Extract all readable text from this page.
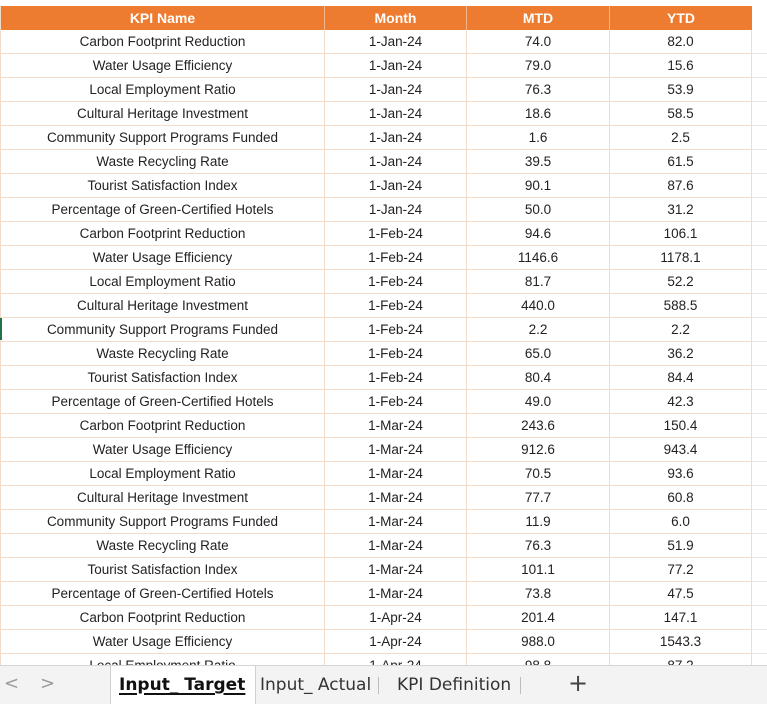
KPI Name	Month	MTD	YTD
Carbon Footprint Reduction	1-Jan-24	74.0	82.0
Water Usage Efficiency	1-Jan-24	79.0	15.6
Local Employment Ratio	1-Jan-24	76.3	53.9
Cultural Heritage Investment	1-Jan-24	18.6	58.5
Community Support Programs Funded	1-Jan-24	1.6	2.5
Waste Recycling Rate	1-Jan-24	39.5	61.5
Tourist Satisfaction Index	1-Jan-24	90.1	87.6
Percentage of Green-Certified Hotels	1-Jan-24	50.0	31.2
Carbon Footprint Reduction	1-Feb-24	94.6	106.1
Water Usage Efficiency	1-Feb-24	1146.6	1178.1
Local Employment Ratio	1-Feb-24	81.7	52.2
Cultural Heritage Investment	1-Feb-24	440.0	588.5
Community Support Programs Funded	1-Feb-24	2.2	2.2
Waste Recycling Rate	1-Feb-24	65.0	36.2
Tourist Satisfaction Index	1-Feb-24	80.4	84.4
Percentage of Green-Certified Hotels	1-Feb-24	49.0	42.3
Carbon Footprint Reduction	1-Mar-24	243.6	150.4
Water Usage Efficiency	1-Mar-24	912.6	943.4
Local Employment Ratio	1-Mar-24	70.5	93.6
Cultural Heritage Investment	1-Mar-24	77.7	60.8
Community Support Programs Funded	1-Mar-24	11.9	6.0
Waste Recycling Rate	1-Mar-24	76.3	51.9
Tourist Satisfaction Index	1-Mar-24	101.1	77.2
Percentage of Green-Certified Hotels	1-Mar-24	73.8	47.5
Carbon Footprint Reduction	1-Apr-24	201.4	147.1
Water Usage Efficiency	1-Apr-24	988.0	1543.3
< >	Input_ Target Input_ Actual KPI Definition +
